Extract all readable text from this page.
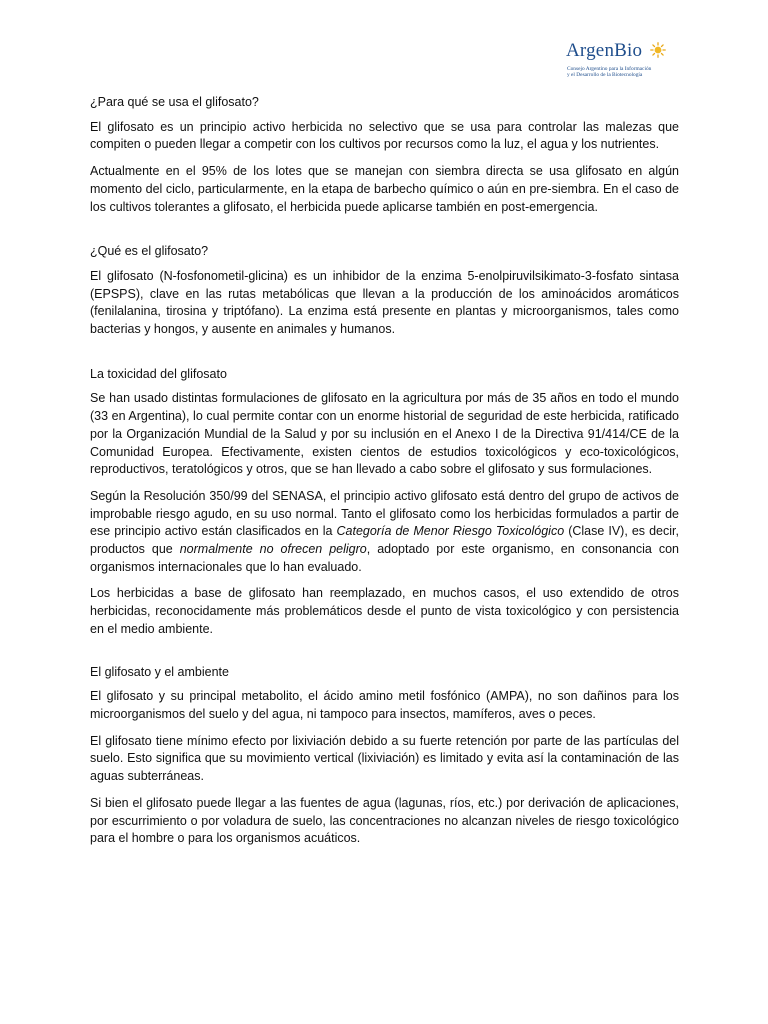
ArgenBio
Consejo Argentino para la Información
y el Desarrollo de la Biotecnología
¿Para qué se usa el glifosato?

El glifosato es un principio activo herbicida no selectivo que se usa para controlar las malezas que compiten o pueden llegar a competir con los cultivos por recursos como la luz, el agua y los nutrientes.

Actualmente en el 95% de los lotes que se manejan con siembra directa se usa glifosato en algún momento del ciclo, particularmente, en la etapa de barbecho químico o aún en pre-siembra. En el caso de los cultivos tolerantes a glifosato, el herbicida puede aplicarse también en post-emergencia.

¿Qué es el glifosato?

El glifosato (N-fosfonometil-glicina) es un inhibidor de la enzima 5-enolpiruvilsikimato-3-fosfato sintasa (EPSPS), clave en las rutas metabólicas que llevan a la producción de los aminoácidos aromáticos (fenilalanina, tirosina y triptófano). La enzima está presente en plantas y microorganismos, tales como bacterias y hongos, y ausente en animales y humanos.

La toxicidad del glifosato

Se han usado distintas formulaciones de glifosato en la agricultura por más de 35 años en todo el mundo (33 en Argentina), lo cual permite contar con un enorme historial de seguridad de este herbicida, ratificado por la Organización Mundial de la Salud y por su inclusión en el Anexo I de la Directiva 91/414/CE de la Comunidad Europea. Efectivamente, existen cientos de estudios toxicológicos y eco-toxicológicos, reproductivos, teratológicos y otros, que se han llevado a cabo sobre el glifosato y sus formulaciones.

Según la Resolución 350/99 del SENASA, el principio activo glifosato está dentro del grupo de activos de improbable riesgo agudo, en su uso normal. Tanto el glifosato como los herbicidas formulados a partir de ese principio activo están clasificados en la Categoría de Menor Riesgo Toxicológico (Clase IV), es decir, productos que normalmente no ofrecen peligro, adoptado por este organismo, en consonancia con organismos internacionales que lo han evaluado.

Los herbicidas a base de glifosato han reemplazado, en muchos casos, el uso extendido de otros herbicidas, reconocidamente más problemáticos desde el punto de vista toxicológico y con persistencia en el medio ambiente.

El glifosato y el ambiente

El glifosato y su principal metabolito, el ácido amino metil fosfónico (AMPA), no son dañinos para los microorganismos del suelo y del agua, ni tampoco para insectos, mamíferos, aves o peces.

El glifosato tiene mínimo efecto por lixiviación debido a su fuerte retención por parte de las partículas del suelo. Esto significa que su movimiento vertical (lixiviación) es limitado y evita así la contaminación de las aguas subterráneas.

Si bien el glifosato puede llegar a las fuentes de agua (lagunas, ríos, etc.) por derivación de aplicaciones, por escurrimiento o por voladura de suelo, las concentraciones no alcanzan niveles de riesgo toxicológico para el hombre o para los organismos acuáticos.
